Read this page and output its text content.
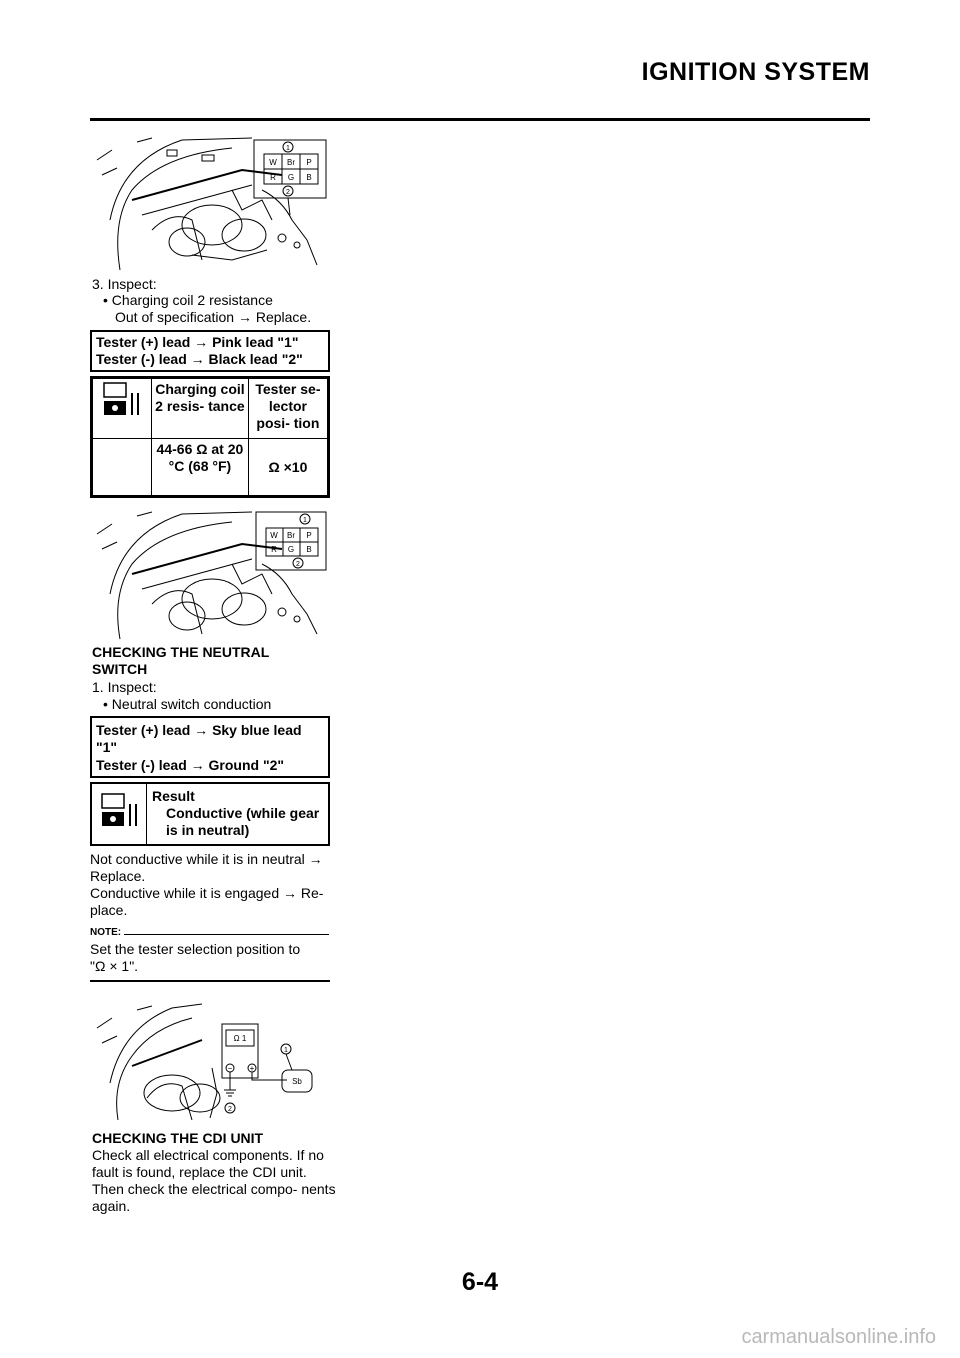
IGNITION SYSTEM
W Br P
R G B
1
2
3. Inspect:
• Charging coil 2 resistance
Out of specification → Replace.
Tester (+) lead → Pink lead "1"
Tester (-) lead → Black lead "2"
	Charging coil 2 resis- tance	Tester se- lector posi- tion
	44-66 Ω at 20 °C (68 °F)	Ω ×10
W Br P
R G B
1
2
CHECKING THE NEUTRAL SWITCH
1. Inspect:
• Neutral switch conduction
Tester (+) lead → Sky blue lead "1"
Tester (-) lead → Ground "2"
Result
Conductive (while gear is in neutral)
Not conductive while it is in neutral →
Replace.
Conductive while it is engaged → Re- place.
NOTE:
Set the tester selection position to
"Ω × 1".
Ω 1
− +
Sb
1
2
CHECKING THE CDI UNIT
Check all electrical components. If no fault is found, replace the CDI unit. Then check the electrical compo- nents again.
6-4
carmanualsonline.info
